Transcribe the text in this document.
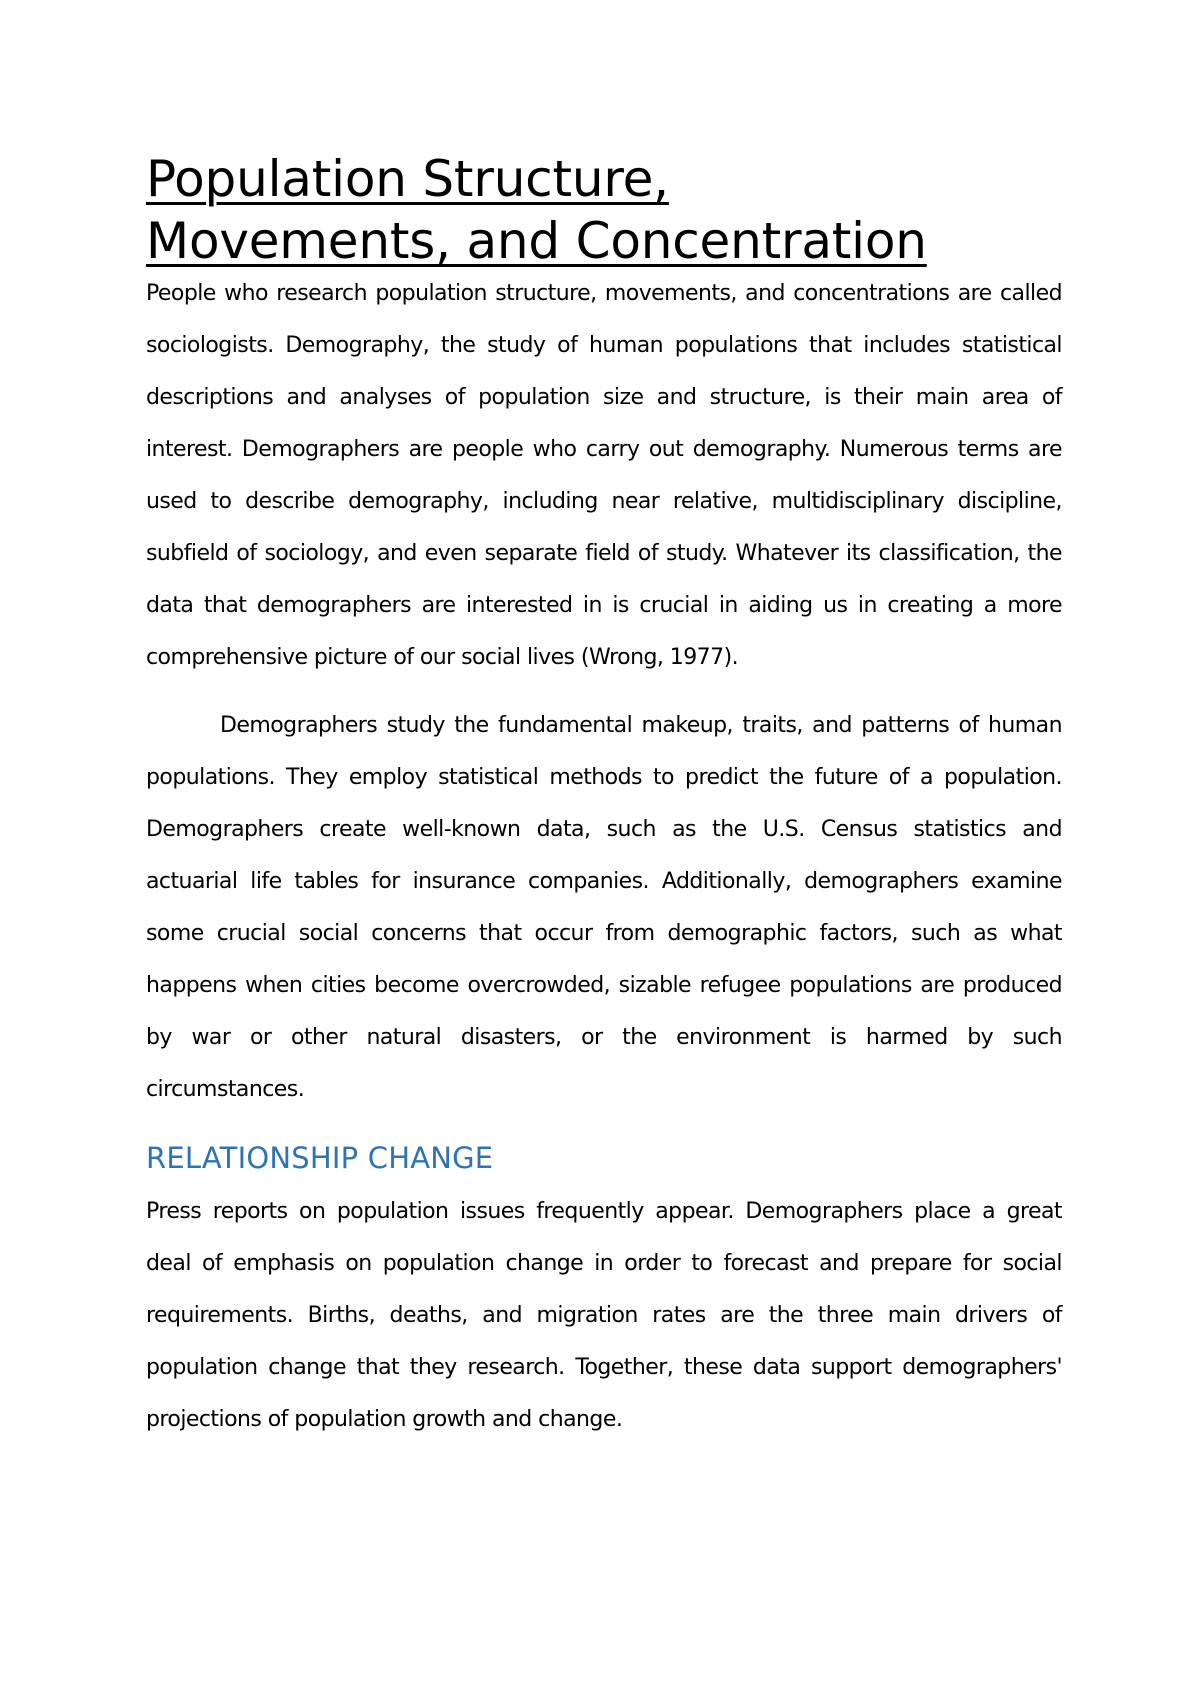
Population Structure,
Movements, and Concentration

People who research population structure, movements, and concentrations are called sociologists. Demography, the study of human populations that includes statistical descriptions and analyses of population size and structure, is their main area of interest. Demographers are people who carry out demography. Numerous terms are used to describe demography, including near relative, multidisciplinary discipline, subfield of sociology, and even separate field of study. Whatever its classification, the data that demographers are interested in is crucial in aiding us in creating a more comprehensive picture of our social lives (Wrong, 1977).

Demographers study the fundamental makeup, traits, and patterns of human populations. They employ statistical methods to predict the future of a population. Demographers create well-known data, such as the U.S. Census statistics and actuarial life tables for insurance companies. Additionally, demographers examine some crucial social concerns that occur from demographic factors, such as what happens when cities become overcrowded, sizable refugee populations are produced by war or other natural disasters, or the environment is harmed by such circumstances.

RELATIONSHIP CHANGE

Press reports on population issues frequently appear. Demographers place a great deal of emphasis on population change in order to forecast and prepare for social requirements. Births, deaths, and migration rates are the three main drivers of population change that they research. Together, these data support demographers' projections of population growth and change.
